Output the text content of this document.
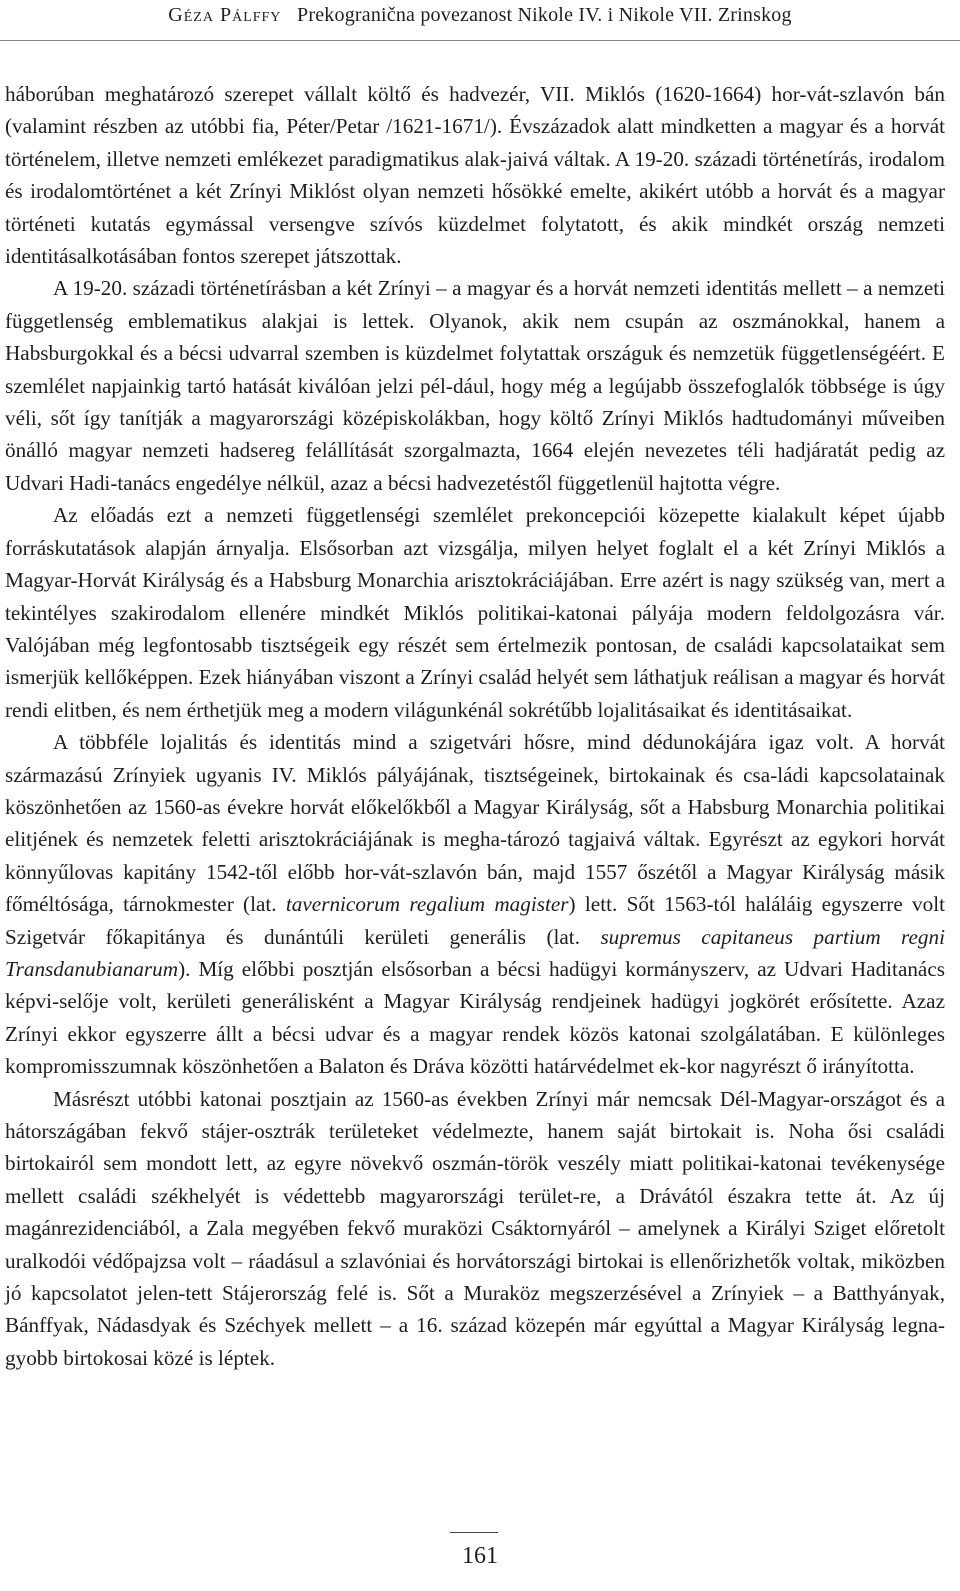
Géza Pálffy Prekogranična povezanost Nikole IV. i Nikole VII. Zrinskog

háborúban meghatározó szerepet vállalt költő és hadvezér, VII. Miklós (1620-1664) hor-vát-szlavón bán (valamint részben az utóbbi fia, Péter/Petar /1621-1671/). Évszázadok alatt mindketten a magyar és a horvát történelem, illetve nemzeti emlékezet paradigmatikus alak-jaivá váltak. A 19-20. századi történetírás, irodalom és irodalomtörténet a két Zrínyi Miklóst olyan nemzeti hősökké emelte, akikért utóbb a horvát és a magyar történeti kutatás egymással versengve szívós küzdelmet folytatott, és akik mindkét ország nemzeti identitásalkotásában fontos szerepet játszottak.

A 19-20. századi történetírásban a két Zrínyi – a magyar és a horvát nemzeti identitás mellett – a nemzeti függetlenség emblematikus alakjai is lettek. Olyanok, akik nem csupán az oszmánokkal, hanem a Habsburgokkal és a bécsi udvarral szemben is küzdelmet folytattak országuk és nemzetük függetlenségéért. E szemlélet napjainkig tartó hatását kiválóan jelzi pél-dául, hogy még a legújabb összefoglalók többsége is úgy véli, sőt így tanítják a magyarországi középiskolákban, hogy költő Zrínyi Miklós hadtudományi műveiben önálló magyar nemzeti hadsereg felállítását szorgalmazta, 1664 elején nevezetes téli hadjáratát pedig az Udvari Hadi-tanács engedélye nélkül, azaz a bécsi hadvezetéstől függetlenül hajtotta végre.

Az előadás ezt a nemzeti függetlenségi szemlélet prekoncepciói közepette kialakult képet újabb forráskutatások alapján árnyalja. Elsősorban azt vizsgálja, milyen helyet foglalt el a két Zrínyi Miklós a Magyar-Horvát Királyság és a Habsburg Monarchia arisztokráciájában. Erre azért is nagy szükség van, mert a tekintélyes szakirodalom ellenére mindkét Miklós politikai-katonai pályája modern feldolgozásra vár. Valójában még legfontosabb tisztségeik egy részét sem értelmezik pontosan, de családi kapcsolataikat sem ismerjük kellőképpen. Ezek hiányában viszont a Zrínyi család helyét sem láthatjuk reálisan a magyar és horvát rendi elitben, és nem érthetjük meg a modern világunkénál sokrétűbb lojalitásaikat és identitásaikat.

A többféle lojalitás és identitás mind a szigetvári hősre, mind dédunokájára igaz volt. A horvát származású Zrínyiek ugyanis IV. Miklós pályájának, tisztségeinek, birtokainak és csa-ládi kapcsolatainak köszönhetően az 1560-as évekre horvát előkelőkből a Magyar Királyság, sőt a Habsburg Monarchia politikai elitjének és nemzetek feletti arisztokráciájának is megha-tározó tagjaivá váltak. Egyrészt az egykori horvát könnyűlovas kapitány 1542-től előbb hor-vát-szlavón bán, majd 1557 őszétől a Magyar Királyság másik főméltósága, tárnokmester (lat. tavernicorum regalium magister) lett. Sőt 1563-tól haláláig egyszerre volt Szigetvár főkapitánya és dunántúli kerületi generális (lat. supremus capitaneus partium regni Transdanubianarum). Míg előbbi posztján elsősorban a bécsi hadügyi kormányszerv, az Udvari Haditanács képvi-selője volt, kerületi generálisként a Magyar Királyság rendjeinek hadügyi jogkörét erősítette. Azaz Zrínyi ekkor egyszerre állt a bécsi udvar és a magyar rendek közös katonai szolgálatában. E különleges kompromisszumnak köszönhetően a Balaton és Dráva közötti határvédelmet ek-kor nagyrészt ő irányította.

Másrészt utóbbi katonai posztjain az 1560-as években Zrínyi már nemcsak Dél-Magyar-országot és a hátországában fekvő stájer-osztrák területeket védelmezte, hanem saját birtokait is. Noha ősi családi birtokairól sem mondott lett, az egyre növekvő oszmán-török veszély miatt politikai-katonai tevékenysége mellett családi székhelyét is védettebb magyarországi terület-re, a Drávától északra tette át. Az új magánrezidenciából, a Zala megyében fekvő muraközi Csáktornyáról – amelynek a Királyi Sziget előretolt uralkodói védőpajzsa volt – ráadásul a szlavóniai és horvátországi birtokai is ellenőrizhetők voltak, miközben jó kapcsolatot jelen-tett Stájerország felé is. Sőt a Muraköz megszerzésével a Zrínyiek – a Batthyányak, Bánffyak, Nádasdyak és Széchyek mellett – a 16. század közepén már egyúttal a Magyar Királyság legna-gyobb birtokosai közé is léptek.

161
